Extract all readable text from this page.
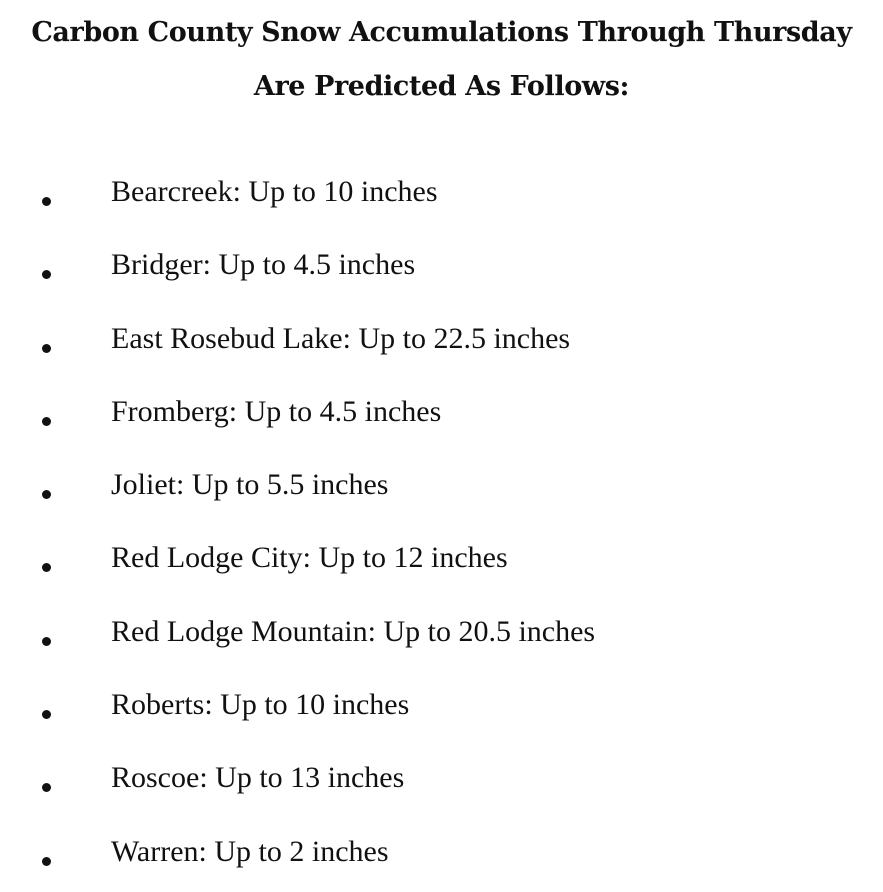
Carbon County Snow Accumulations Through Thursday
Are Predicted As Follows:
Bearcreek: Up to 10 inches
Bridger: Up to 4.5 inches
East Rosebud Lake: Up to 22.5 inches
Fromberg: Up to 4.5 inches
Joliet: Up to 5.5 inches
Red Lodge City: Up to 12 inches
Red Lodge Mountain: Up to 20.5 inches
Roberts: Up to 10 inches
Roscoe: Up to 13 inches
Warren: Up to 2 inches
